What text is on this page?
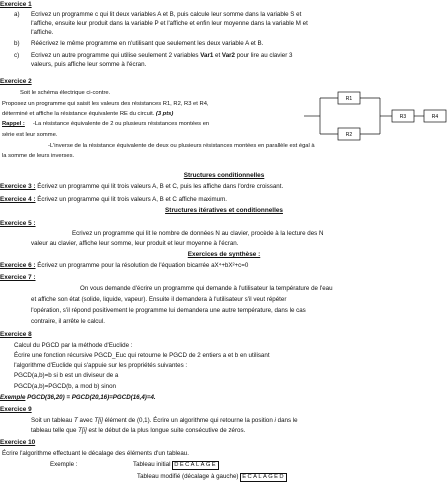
Exercice 1
a) Ecrivez un programme c qui lit deux variables A et B, puis calcule leur somme dans la variable S et
l'affiche, ensuite leur produit dans la variable P et l'affiche et enfin leur moyenne dans la variable M et
l'affiche.
b) Réécrivez le même programme en n'utilisant que seulement les deux variable A et B.
c) Ecrivez un autre programme qui utilise seulement 2 variables Var1 et Var2 pour lire au clavier 3
valeurs, puis affiche leur somme à l'écran.
Exercice 2
Soit le schéma électrique ci-contre.
Proposez un programme qui saisit les valeurs des résistances R1, R2, R3 et R4,
déterminé et affiche la résistance équivalente RE du circuit. (3 pts)
Rappel : -La résistance équivalente de 2 ou plusieurs résistances montées en
série est leur somme.
-L'inverse de la résistance équivalente de deux ou plusieurs résistances montées en parallèle est égal à
la somme de leurs inverses.
R1
R2
R3	R4
Structures conditionnelles
Exercice 3 : Écrivez un programme qui lit trois valeurs A, B et C, puis les affiche dans l'ordre croissant.
Exercice 4 : Écrivez un programme qui lit trois valeurs A, B et C affiche maximum.
Structures itératives et conditionnelles
Exercice 5 :
Ecrivez un programme qui lit le nombre de données N au clavier, procède à la lecture des N
valeur au clavier, affiche leur somme, leur produit et leur moyenne à l'écran.
Exercices de synthèse :
Exercice 6 : Écrivez un programme pour la résolution de l'équation bicarrée aX⁴+bX²+c=0
Exercice 7 :
On vous demande d'écrire un programme qui demande à l'utilisateur la température de l'eau
et affiche son état (solide, liquide, vapeur). Ensuite il demandera à l'utilisateur s'il veut répéter
l'opération, s'il répond positivement le programme lui demandera une autre température, dans le cas
contraire, il arrête le calcul.
Exercice 8
Calcul du PGCD par la méthode d'Euclide :
Écrire une fonction récursive PGCD_Euc qui retourne le PGCD de 2 entiers a et b en utilisant
l'algorithme d'Euclide qui s'appuie sur les propriétés suivantes :
PGCD(a,b)=b si b est un diviseur de a
PGCD(a,b)=PGCD(b, a mod b) sinon
Exemple PGCD(36,20) = PGCD(20,16)=PGCD(16,4)=4.
Exercice 9
Soit un tableau T avec T[i] élément de (0,1). Écrire un algorithme qui retourne la position i dans le
tableau telle que T[i] est le début de la plus longue suite consécutive de zéros.
Exercice 10
Écrire l'algorithme effectuant le décalage des éléments d'un tableau.
Exemple :	Tableau initial DECALAGE
Tableau modifié (décalage à gauche) ECALAGED
